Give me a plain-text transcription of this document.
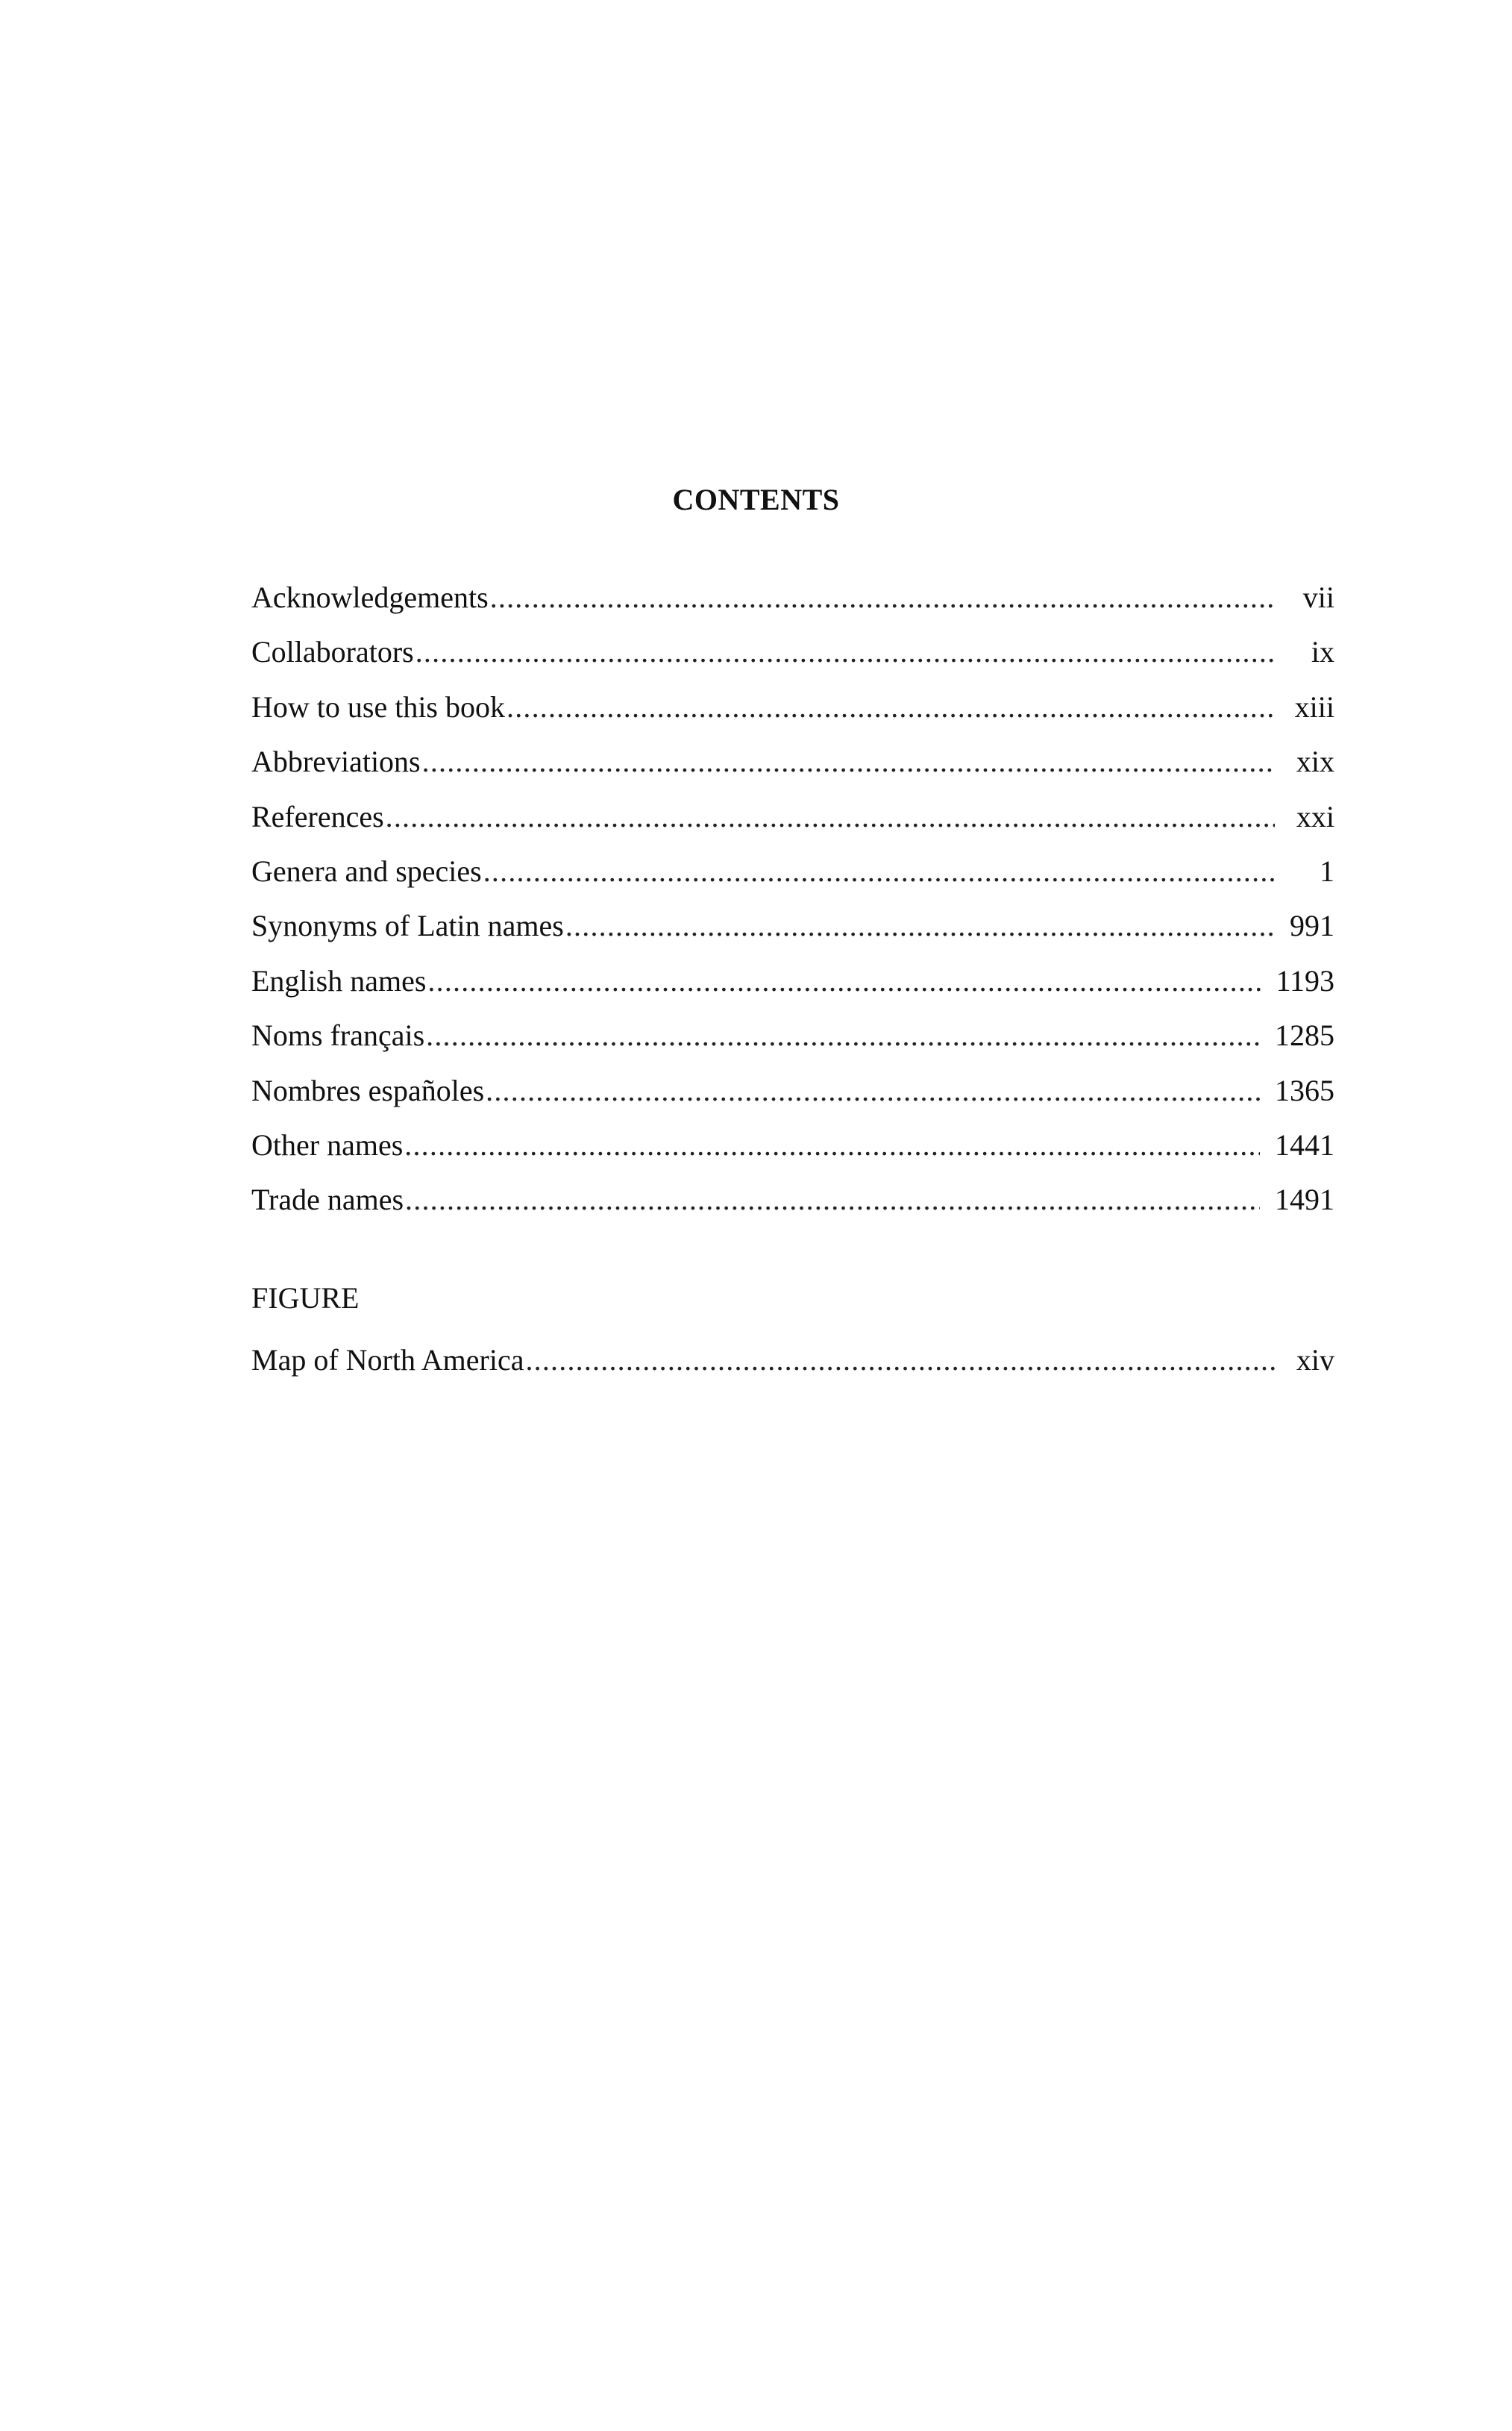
CONTENTS
Acknowledgements .....	vii
Collaborators .....	ix
How to use this book .....	xiii
Abbreviations .....	xix
References .....	xxi
Genera and species .....	1
Synonyms of Latin names .....	991
English names .....	1193
Noms français .....	1285
Nombres españoles .....	1365
Other names .....	1441
Trade names .....	1491
FIGURE
Map of North America .....	xiv
